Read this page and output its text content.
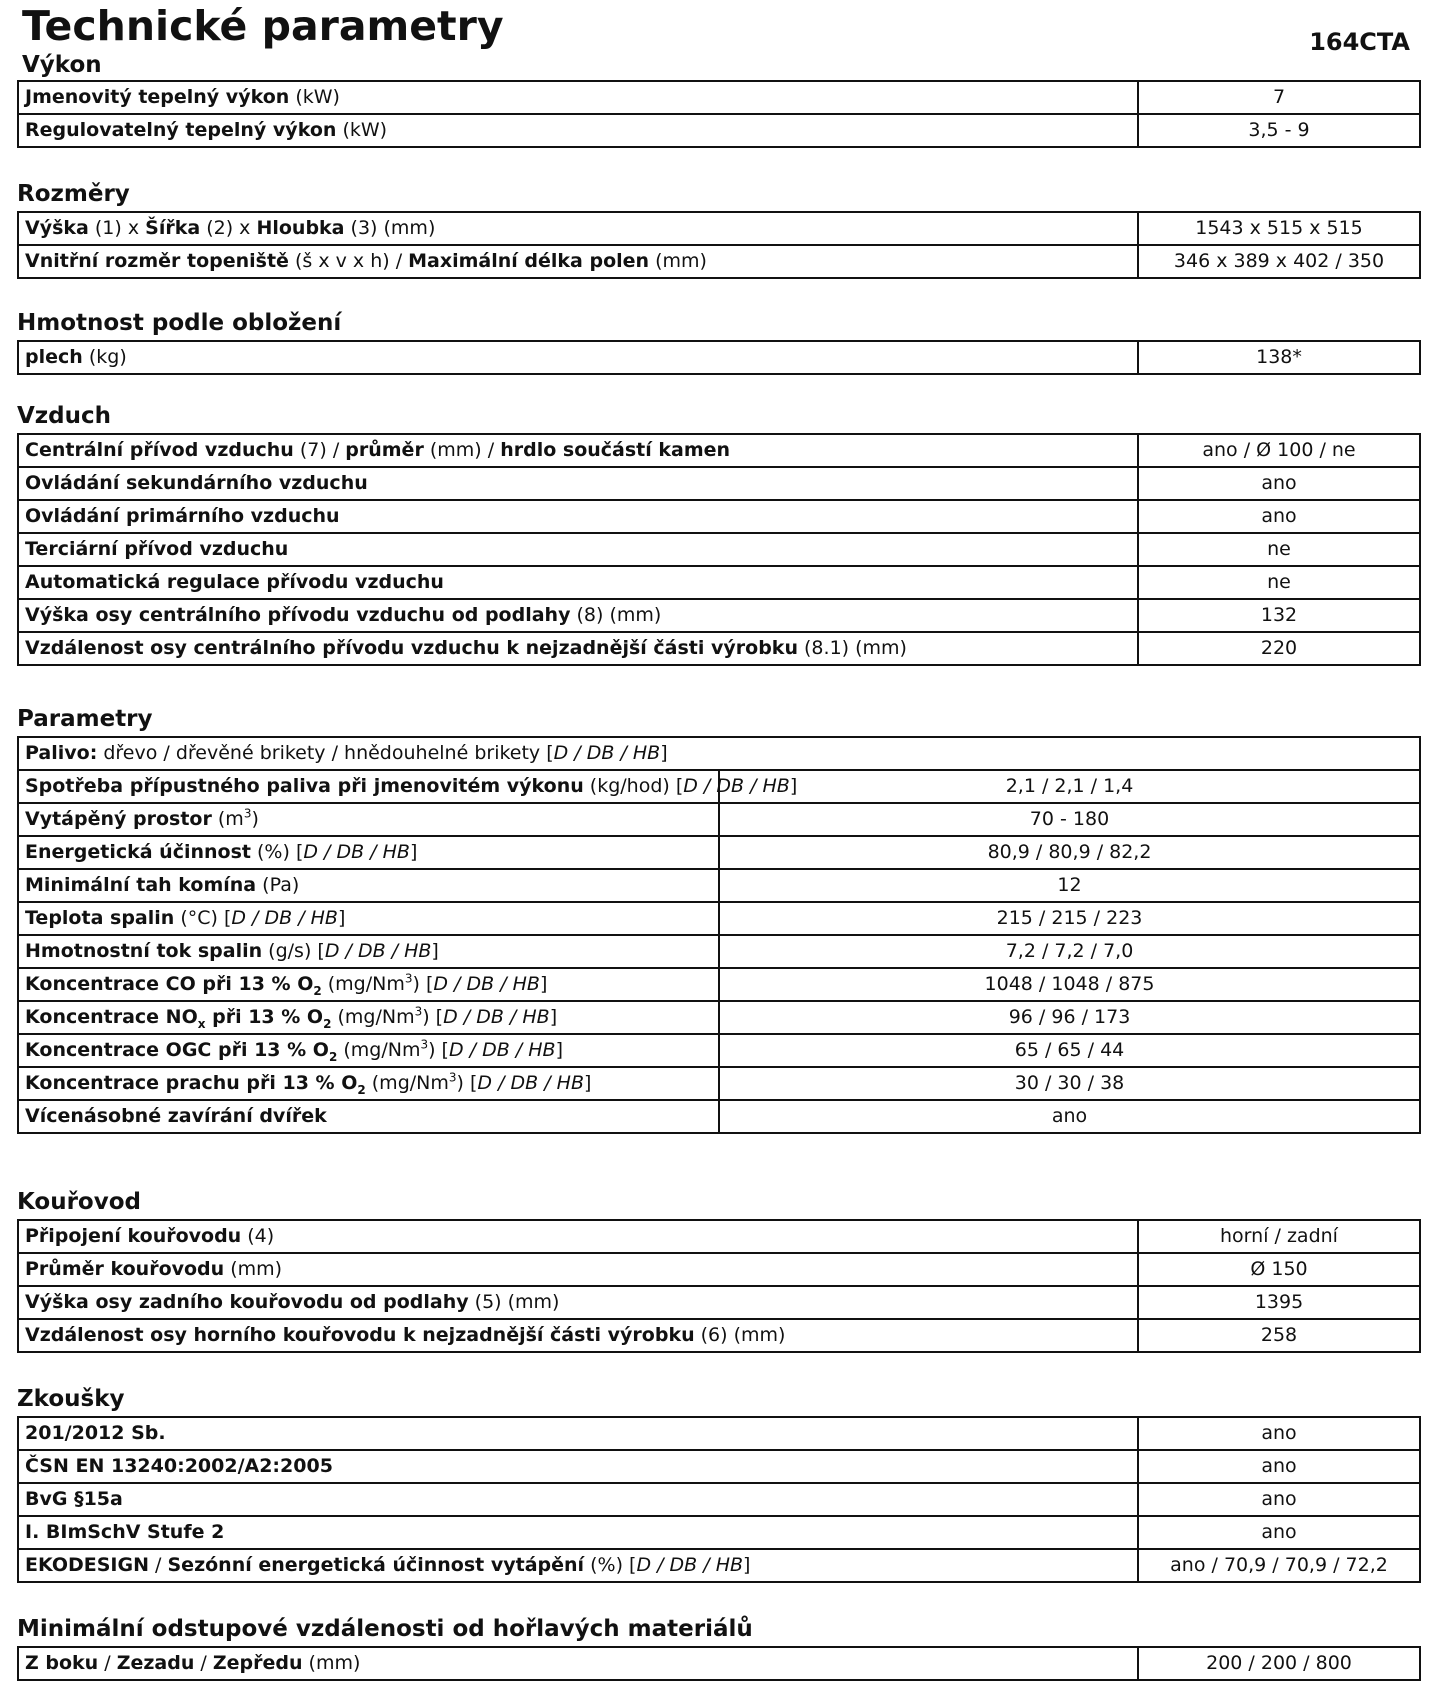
Technické parametry	164CTA
Výkon
Jmenovitý tepelný výkon (kW)	7
Regulovatelný tepelný výkon (kW)	3,5 - 9
Rozměry
Výška (1) x Šířka (2) x Hloubka (3) (mm)	1543 x 515 x 515
Vnitřní rozměr topeniště (š x v x h) / Maximální délka polen (mm)	346 x 389 x 402 / 350
Hmotnost podle obložení
plech (kg)	138*
Vzduch
Centrální přívod vzduchu (7) / průměr (mm) / hrdlo součástí kamen	ano / Ø 100 / ne
Ovládání sekundárního vzduchu	ano
Ovládání primárního vzduchu	ano
Terciární přívod vzduchu	ne
Automatická regulace přívodu vzduchu	ne
Výška osy centrálního přívodu vzduchu od podlahy (8) (mm)	132
Vzdálenost osy centrálního přívodu vzduchu k nejzadnější části výrobku (8.1) (mm)	220
Parametry
Palivo: dřevo / dřevěné brikety / hnědouhelné brikety [D / DB / HB]	
Spotřeba přípustného paliva při jmenovitém výkonu (kg/hod) [D / DB / HB]	2,1 / 2,1 / 1,4
Vytápěný prostor $(m^3)$	70 - 180
Energetická účinnost (%) [D / DB / HB]	80,9 / 80,9 / 82,2
Minimální tah komína (Pa)	12
Teplota spalin (°C) [D / DB / HB]	215 / 215 / 223
Hmotnostní tok spalin (g/s) [D / DB / HB]	7,2 / 7,2 / 7,0
Koncentrace CO při 13 % $O_2$ (mg/Nm$^3$) [D / DB / HB]	1048 / 1048 / 875
Koncentrace $NO_x$ při 13 % $O_2$ (mg/Nm$^3$) [D / DB / HB]	96 / 96 / 173
Koncentrace OGC při 13 % $O_2$ (mg/Nm$^3$) [D / DB / HB]	65 / 65 / 44
Koncentrace prachu při 13 % $O_2$ (mg/Nm$^3$) [D / DB / HB]	30 / 30 / 38
Vícenásobné zavírání dvířek	ano
Kouřovod
Připojení kouřovodu (4)	horní / zadní
Průměr kouřovodu (mm)	Ø 150
Výška osy zadního kouřovodu od podlahy (5) (mm)	1395
Vzdálenost osy horního kouřovodu k nejzadnější části výrobku (6) (mm)	258
Zkoušky
201/2012 Sb.	ano
ČSN EN 13240:2002/A2:2005	ano
BvG §15a	ano
I. BImSchV Stufe 2	ano
EKODESIGN / Sezónní energetická účinnost vytápění (%) [D / DB / HB]	ano / 70,9 / 70,9 / 72,2
Minimální odstupové vzdálenosti od hořlavých materiálů
Z boku / Zezadu / Zepředu (mm)	200 / 200 / 800
